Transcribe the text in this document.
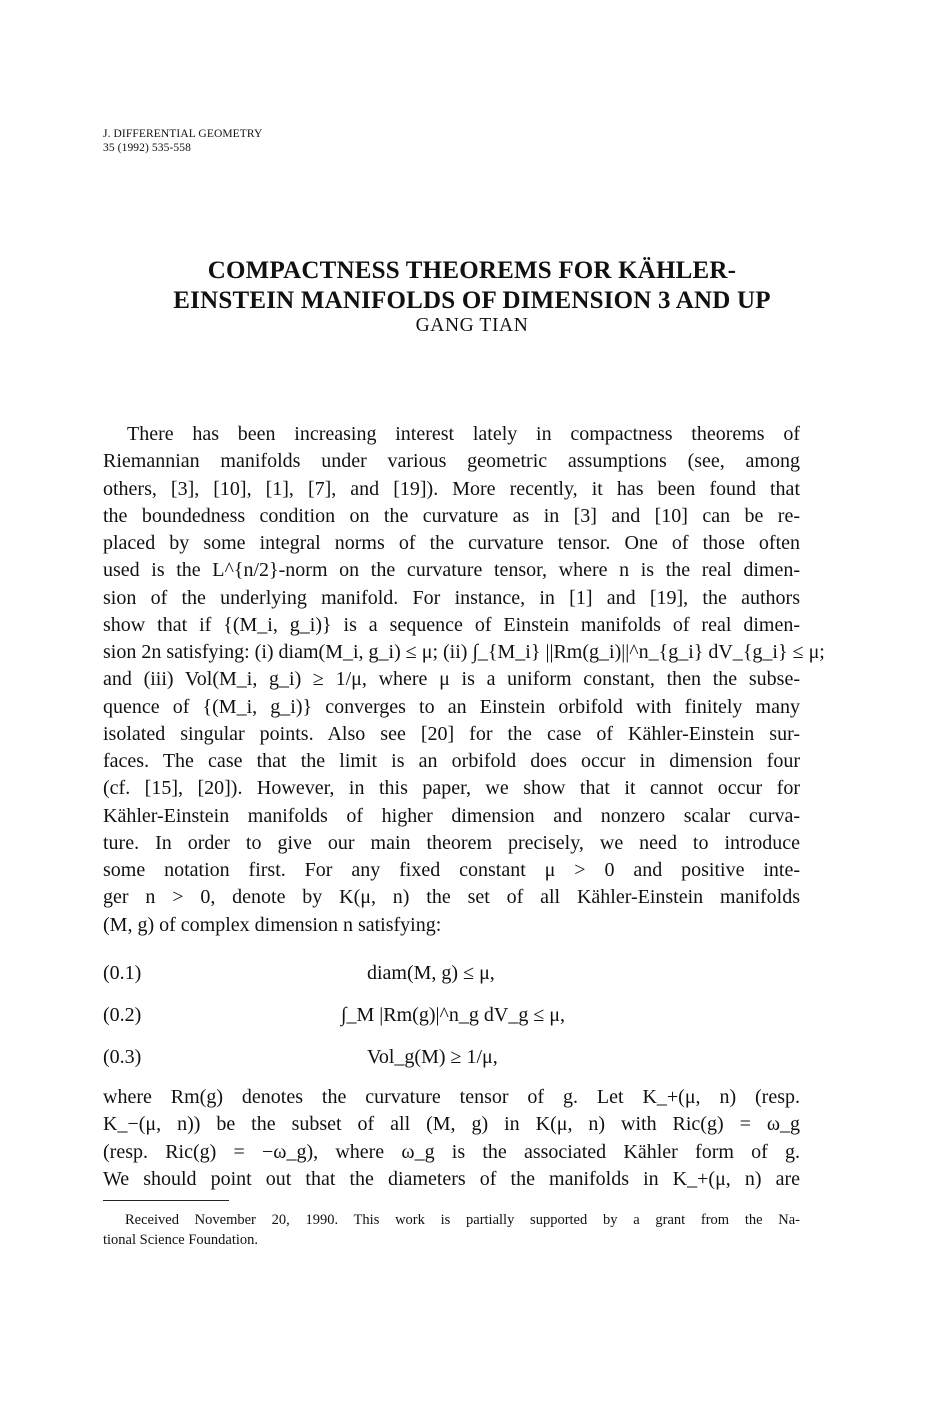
J. DIFFERENTIAL GEOMETRY
35 (1992) 535-558
COMPACTNESS THEOREMS FOR KÄHLER-
EINSTEIN MANIFOLDS OF DIMENSION 3 AND UP
GANG TIAN
There has been increasing interest lately in compactness theorems of
Riemannian manifolds under various geometric assumptions (see, among
others, [3], [10], [1], [7], and [19]). More recently, it has been found that
the boundedness condition on the curvature as in [3] and [10] can be re-
placed by some integral norms of the curvature tensor. One of those often
used is the L^{n/2}-norm on the curvature tensor, where n is the real dimen-
sion of the underlying manifold. For instance, in [1] and [19], the authors
show that if {(M_i, g_i)} is a sequence of Einstein manifolds of real dimen-
sion 2n satisfying: (i) diam(M_i, g_i) ≤ μ; (ii) ∫_{M_i} ||Rm(g_i)||^n_{g_i} dV_{g_i} ≤ μ;
and (iii) Vol(M_i, g_i) ≥ 1/μ, where μ is a uniform constant, then the subse-
quence of {(M_i, g_i)} converges to an Einstein orbifold with finitely many
isolated singular points. Also see [20] for the case of Kähler-Einstein sur-
faces. The case that the limit is an orbifold does occur in dimension four
(cf. [15], [20]). However, in this paper, we show that it cannot occur for
Kähler-Einstein manifolds of higher dimension and nonzero scalar curva-
ture. In order to give our main theorem precisely, we need to introduce
some notation first. For any fixed constant μ > 0 and positive inte-
ger n > 0, denote by K(μ, n) the set of all Kähler-Einstein manifolds
(M, g) of complex dimension n satisfying:
(0.1)	diam(M, g) ≤ μ,
(0.2)	∫_M |Rm(g)|^n_g dV_g ≤ μ,
(0.3)	Vol_g(M) ≥ 1/μ,
where Rm(g) denotes the curvature tensor of g. Let K_+(μ, n) (resp.
K_−(μ, n)) be the subset of all (M, g) in K(μ, n) with Ric(g) = ω_g
(resp. Ric(g) = −ω_g), where ω_g is the associated Kähler form of g.
We should point out that the diameters of the manifolds in K_+(μ, n) are
Received November 20, 1990. This work is partially supported by a grant from the Na-
tional Science Foundation.
